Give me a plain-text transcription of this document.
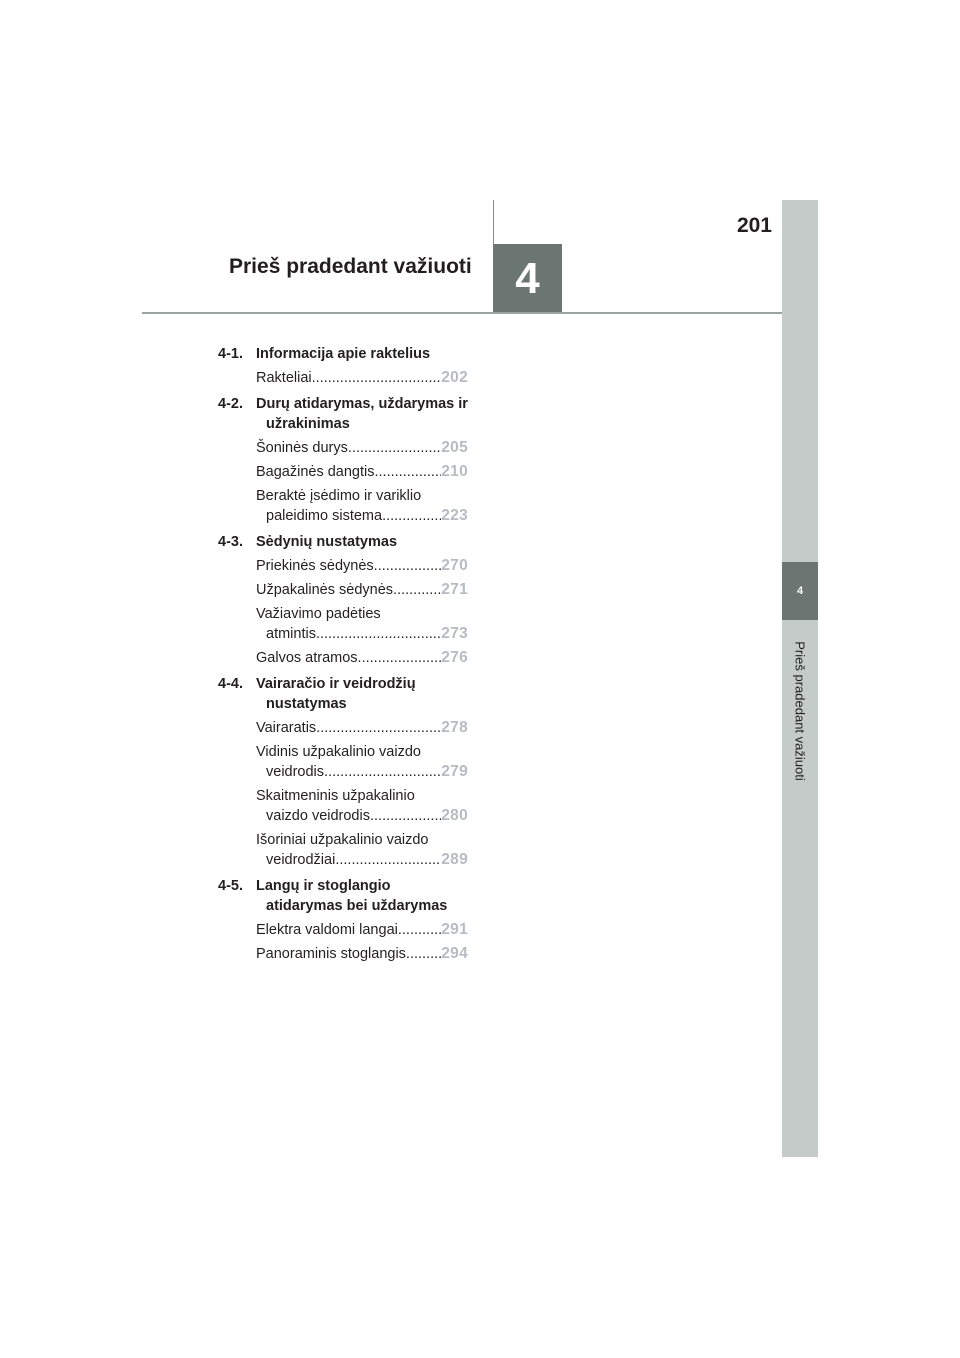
201
Prieš pradedant važiuoti 4
4
Prieš pradedant važiuoti
4-1. Informacija apie raktelius
Rakteliai .....	202
4-2. Durų atidarymas, uždarymas ir užrakinimas
Šoninės durys .....	205
Bagažinės dangtis .....	210
Beraktė įsėdimo ir variklio
paleidimo sistema .....	223
4-3. Sėdynių nustatymas
Priekinės sėdynės .....	270
Užpakalinės sėdynės .....	271
Važiavimo padėties
atmintis .....	273
Galvos atramos .....	276
4-4. Vairaračio ir veidrodžių nustatymas
Vairaratis .....	278
Vidinis užpakalinio vaizdo
veidrodis .....	279
Skaitmeninis užpakalinio
vaizdo veidrodis .....	280
Išoriniai užpakalinio vaizdo
veidrodžiai .....	289
4-5. Langų ir stoglangio atidarymas bei uždarymas
Elektra valdomi langai .....	291
Panoraminis stoglangis ..... 294
